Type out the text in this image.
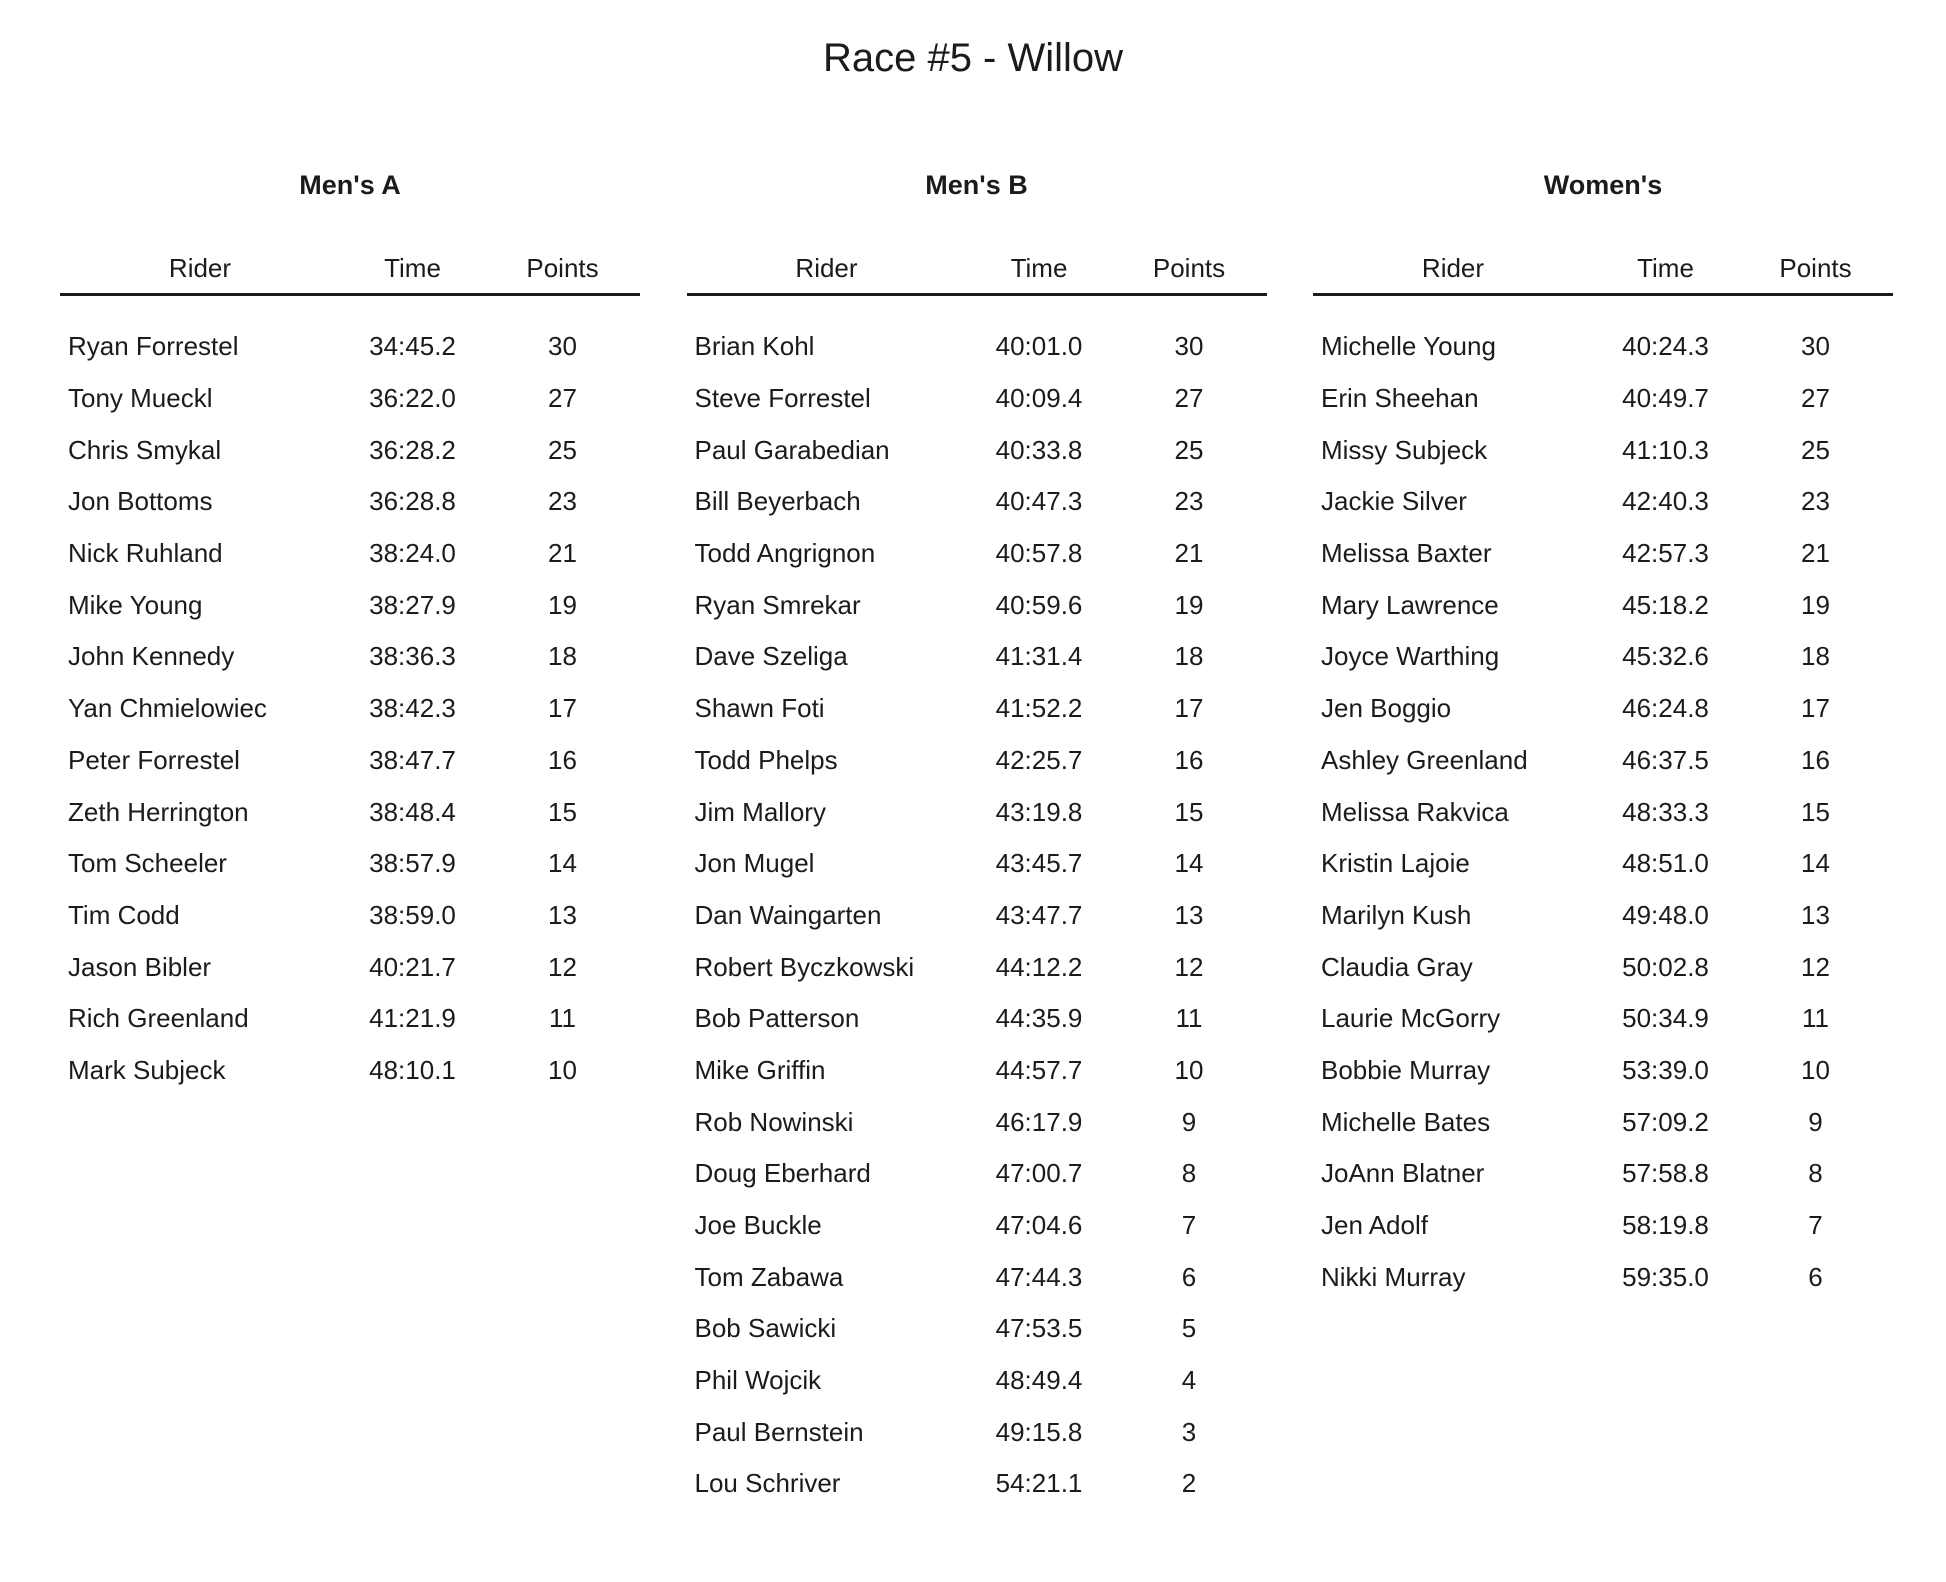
Race #5 - Willow
Men's A
Rider	Time	Points
Ryan Forrestel	34:45.2	30
Tony Mueckl	36:22.0	27
Chris Smykal	36:28.2	25
Jon Bottoms	36:28.8	23
Nick Ruhland	38:24.0	21
Mike Young	38:27.9	19
John Kennedy	38:36.3	18
Yan Chmielowiec	38:42.3	17
Peter Forrestel	38:47.7	16
Zeth Herrington	38:48.4	15
Tom Scheeler	38:57.9	14
Tim Codd	38:59.0	13
Jason Bibler	40:21.7	12
Rich Greenland	41:21.9	11
Mark Subjeck	48:10.1	10
Men's B
Rider	Time	Points
Brian Kohl	40:01.0	30
Steve Forrestel	40:09.4	27
Paul Garabedian	40:33.8	25
Bill Beyerbach	40:47.3	23
Todd Angrignon	40:57.8	21
Ryan Smrekar	40:59.6	19
Dave Szeliga	41:31.4	18
Shawn Foti	41:52.2	17
Todd Phelps	42:25.7	16
Jim Mallory	43:19.8	15
Jon Mugel	43:45.7	14
Dan Waingarten	43:47.7	13
Robert Byczkowski	44:12.2	12
Bob Patterson	44:35.9	11
Mike Griffin	44:57.7	10
Rob Nowinski	46:17.9	9
Doug Eberhard	47:00.7	8
Joe Buckle	47:04.6	7
Tom Zabawa	47:44.3	6
Bob Sawicki	47:53.5	5
Phil Wojcik	48:49.4	4
Paul Bernstein	49:15.8	3
Lou Schriver	54:21.1	2
Women's
Rider	Time	Points
Michelle Young	40:24.3	30
Erin Sheehan	40:49.7	27
Missy Subjeck	41:10.3	25
Jackie Silver	42:40.3	23
Melissa Baxter	42:57.3	21
Mary Lawrence	45:18.2	19
Joyce Warthing	45:32.6	18
Jen Boggio	46:24.8	17
Ashley Greenland	46:37.5	16
Melissa Rakvica	48:33.3	15
Kristin Lajoie	48:51.0	14
Marilyn Kush	49:48.0	13
Claudia Gray	50:02.8	12
Laurie McGorry	50:34.9	11
Bobbie Murray	53:39.0	10
Michelle Bates	57:09.2	9
JoAnn Blatner	57:58.8	8
Jen Adolf	58:19.8	7
Nikki Murray	59:35.0	6
